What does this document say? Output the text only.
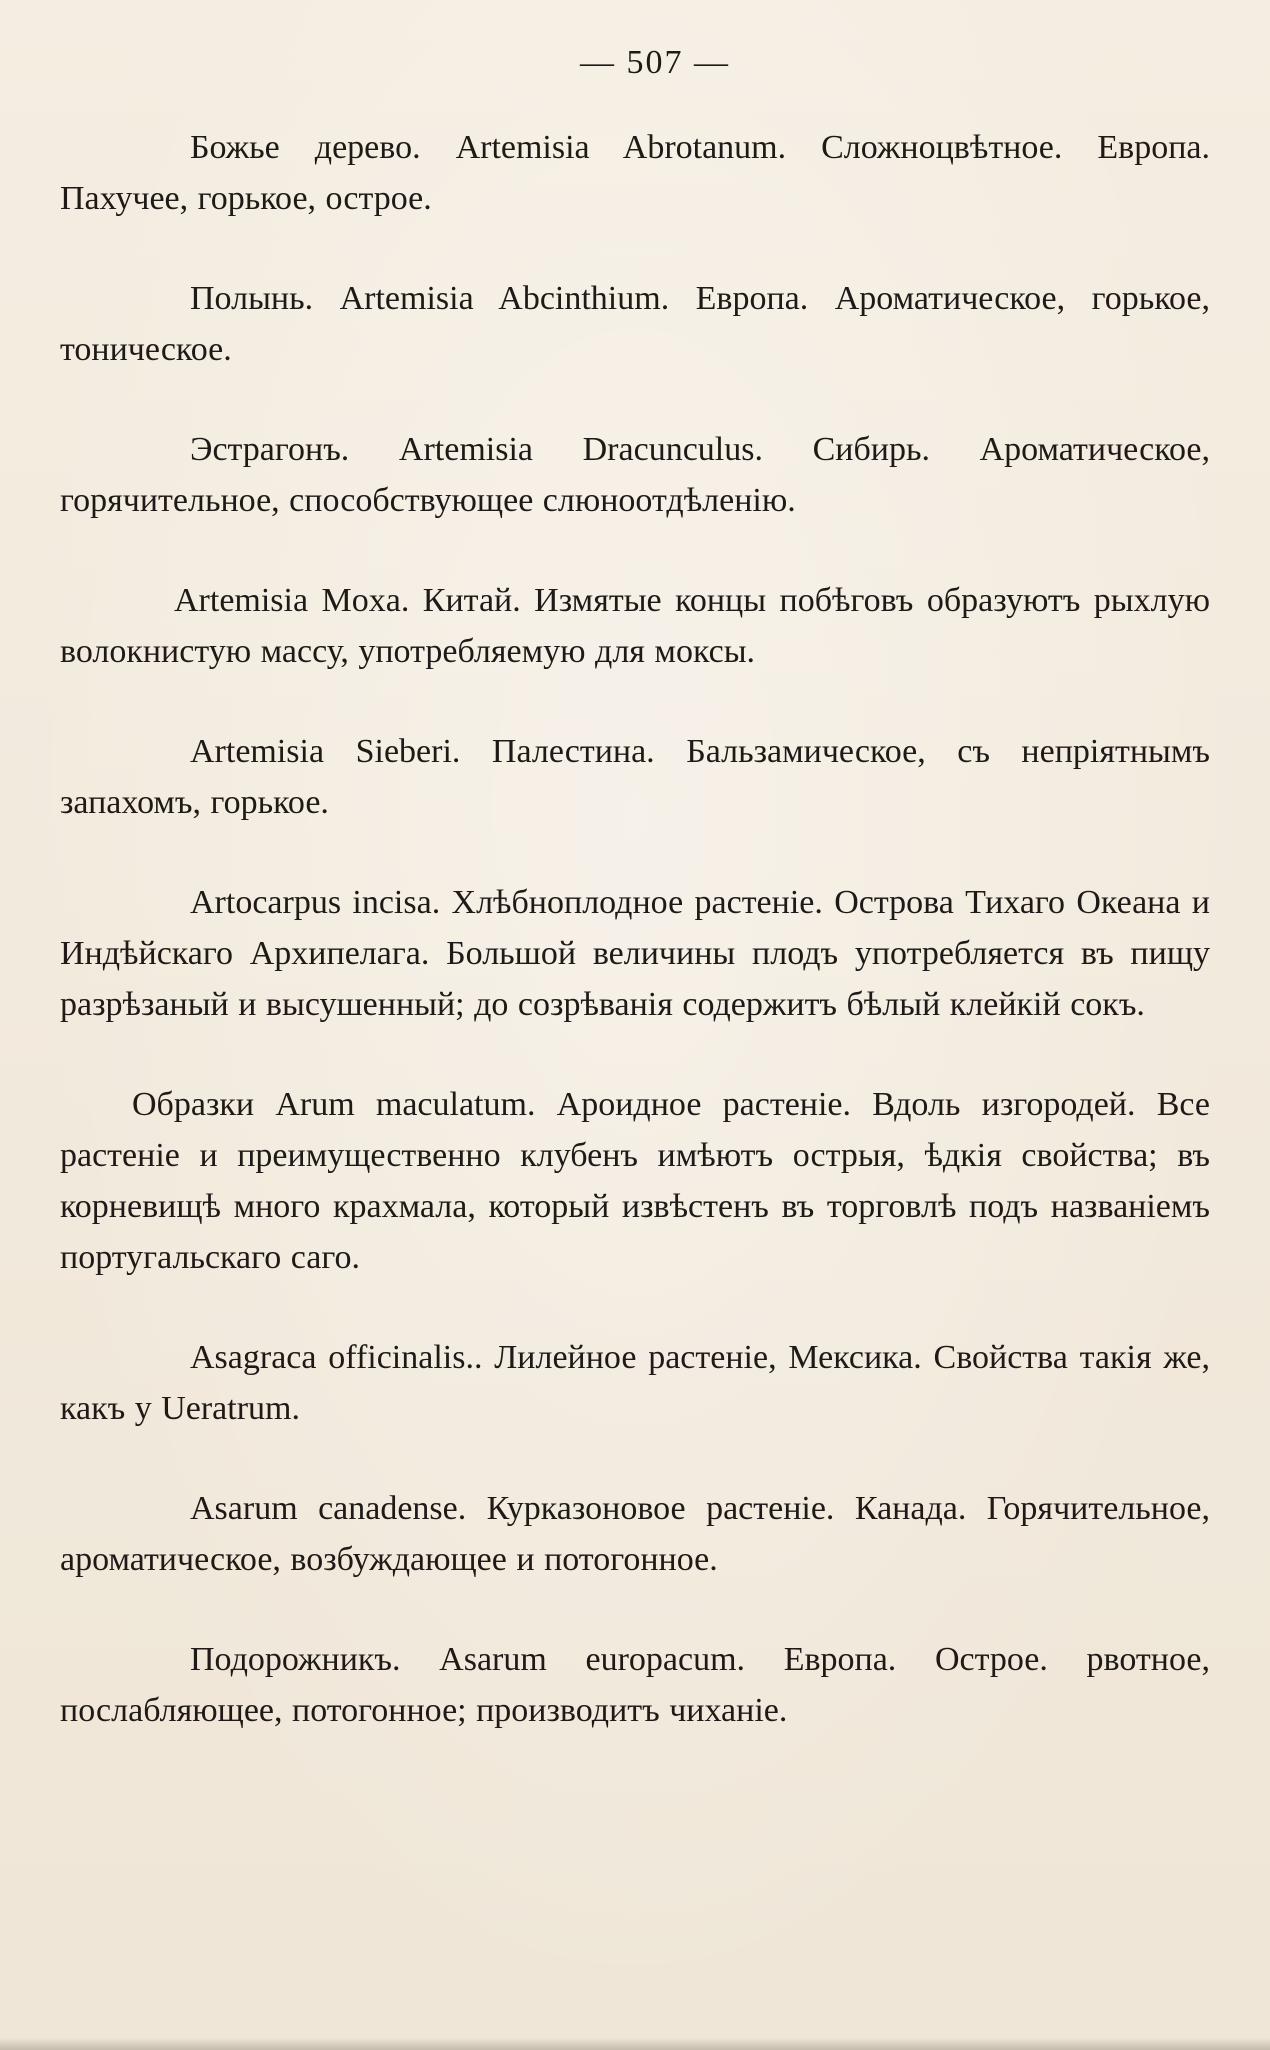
— 507 —

Божье дерево. Artemisia Abrotanum. Сложноцвѣтное. Европа. Пахучее, горькое, острое.

Полынь. Artemisia Abcinthium. Европа. Ароматическое, горькое, тоническое.

Эстрагонъ. Artemisia Dracunculus. Сибирь. Ароматическое, горячительное, способствующее слюноотдѣленію.

Artemisia Moxa. Китай. Измятые концы побѣговъ образуютъ рыхлую волокнистую массу, употребляемую для моксы.

Artemisia Sieberi. Палестина. Бальзамическое, съ непріятнымъ запахомъ, горькое.

Artocarpus incisa. Хлѣбноплодное растеніе. Острова Тихаго Океана и Индѣйскаго Архипелага. Большой величины плодъ употребляется въ пищу разрѣзаный и высушенный; до созрѣванія содержитъ бѣлый клейкій сокъ.

Образки Arum maculatum. Ароидное растеніе. Вдоль изгородей. Все растеніе и преимущественно клубенъ имѣютъ острыя, ѣдкія свойства; въ корневищѣ много крахмала, который извѣстенъ въ торговлѣ подъ названіемъ португальскаго саго.

Asagraca officinalis.. Лилейное растеніе, Мексика. Свойства такія же, какъ у Ueratrum.

Asarum canadense. Курказоновое растеніе. Канада. Горячительное, ароматическое, возбуждающее и потогонное.

Подорожникъ. Asarum europacum. Европа. Острое. рвотное, послабляющее, потогонное; производитъ чиханіе.
